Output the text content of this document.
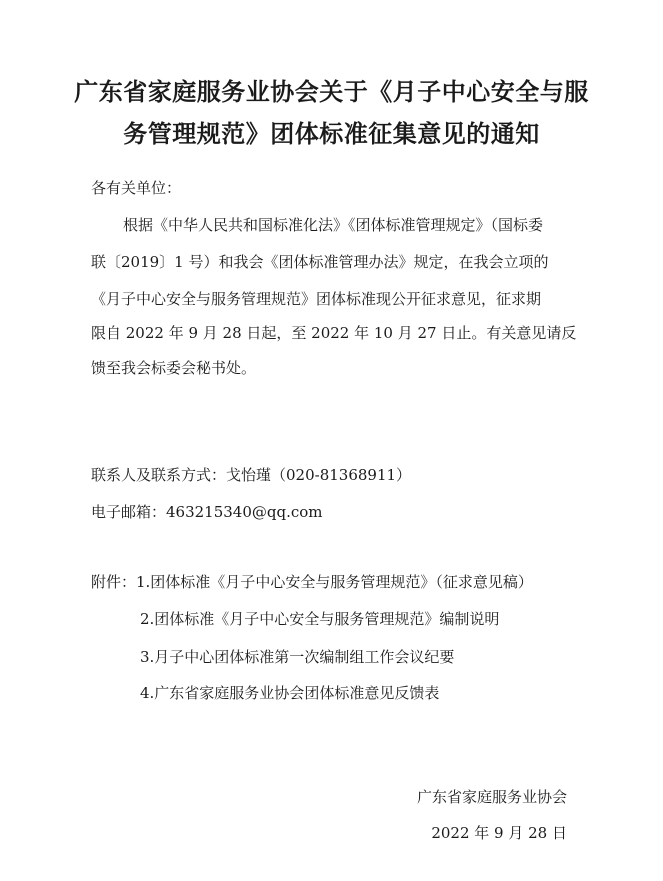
广东省家庭服务业协会关于《月子中心安全与服
务管理规范》团体标准征集意见的通知
各有关单位：
根据《中华人民共和国标准化法》《团体标准管理规定》（国标委
联〔2019〕1 号）和我会《团体标准管理办法》规定，在我会立项的
《月子中心安全与服务管理规范》团体标准现公开征求意见，征求期
限自 2022 年 9 月 28 日起，至 2022 年 10 月 27 日止。有关意见请反
馈至我会标委会秘书处。
联系人及联系方式：戈怡瑾（020-81368911）
电子邮箱：463215340@qq.com
附件：1.团体标准《月子中心安全与服务管理规范》（征求意见稿）
2.团体标准《月子中心安全与服务管理规范》编制说明
3.月子中心团体标准第一次编制组工作会议纪要
4.广东省家庭服务业协会团体标准意见反馈表
广东省家庭服务业协会
2022 年 9 月 28 日
